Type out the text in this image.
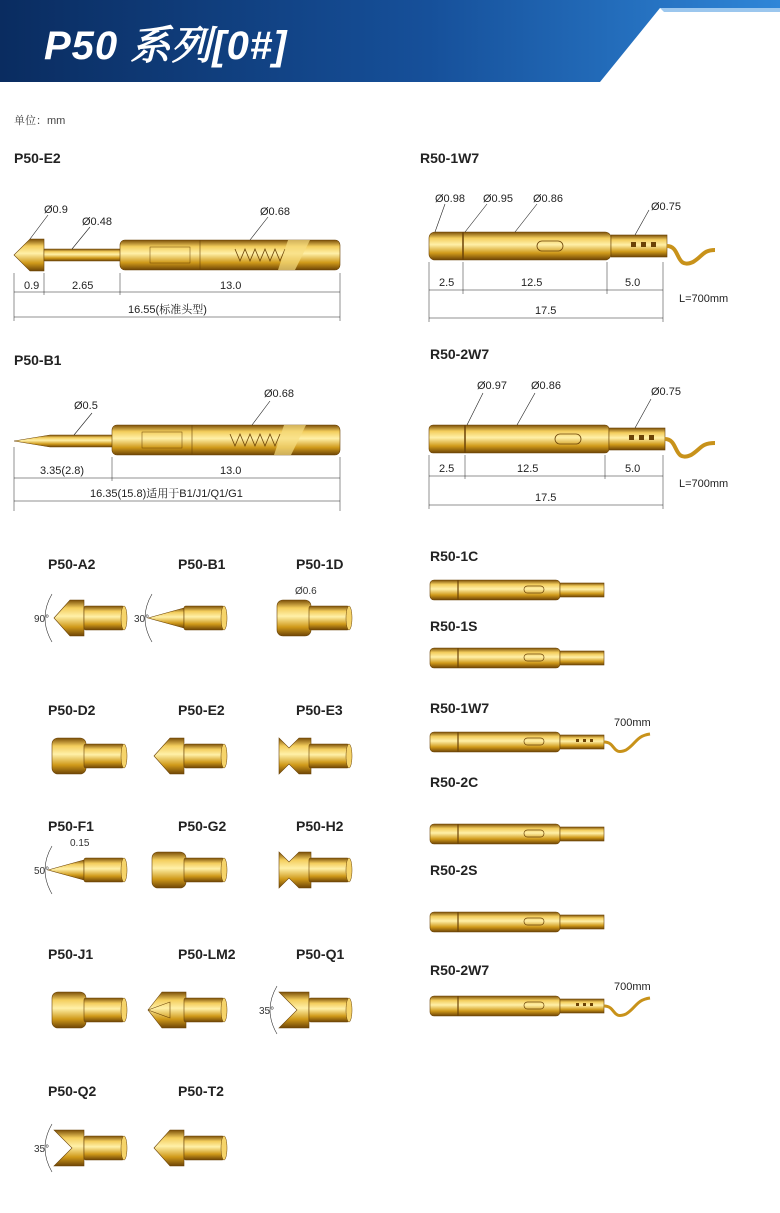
P50 系列[0#]
单位：mm
P50-E2
Ø0.9
Ø0.48
Ø0.68
0.9	2.65	13.0
16.55(标准头型)
P50-B1
Ø0.5
Ø0.68
3.35(2.8)	13.0
16.35(15.8)适用于B1/J1/Q1/G1
R50-1W7
Ø0.98 Ø0.95 Ø0.86
Ø0.75
2.5	12.5	5.0
17.5
L=700mm
R50-2W7
Ø0.97 Ø0.86	Ø0.75
2.5	12.5	5.0
17.5
L=700mm
P50-A2
90°
P50-B1
30°
P50-1D
Ø0.6
P50-D2	P50-E2	P50-E3
P50-F1
50°
0.15
P50-G2	P50-H2
P50-J1	P50-LM2	P50-Q1
35°
P50-Q2
35°
P50-T2
R50-1C
R50-1S
R50-1W7
700mm
R50-2C
R50-2S
R50-2W7
700mm
